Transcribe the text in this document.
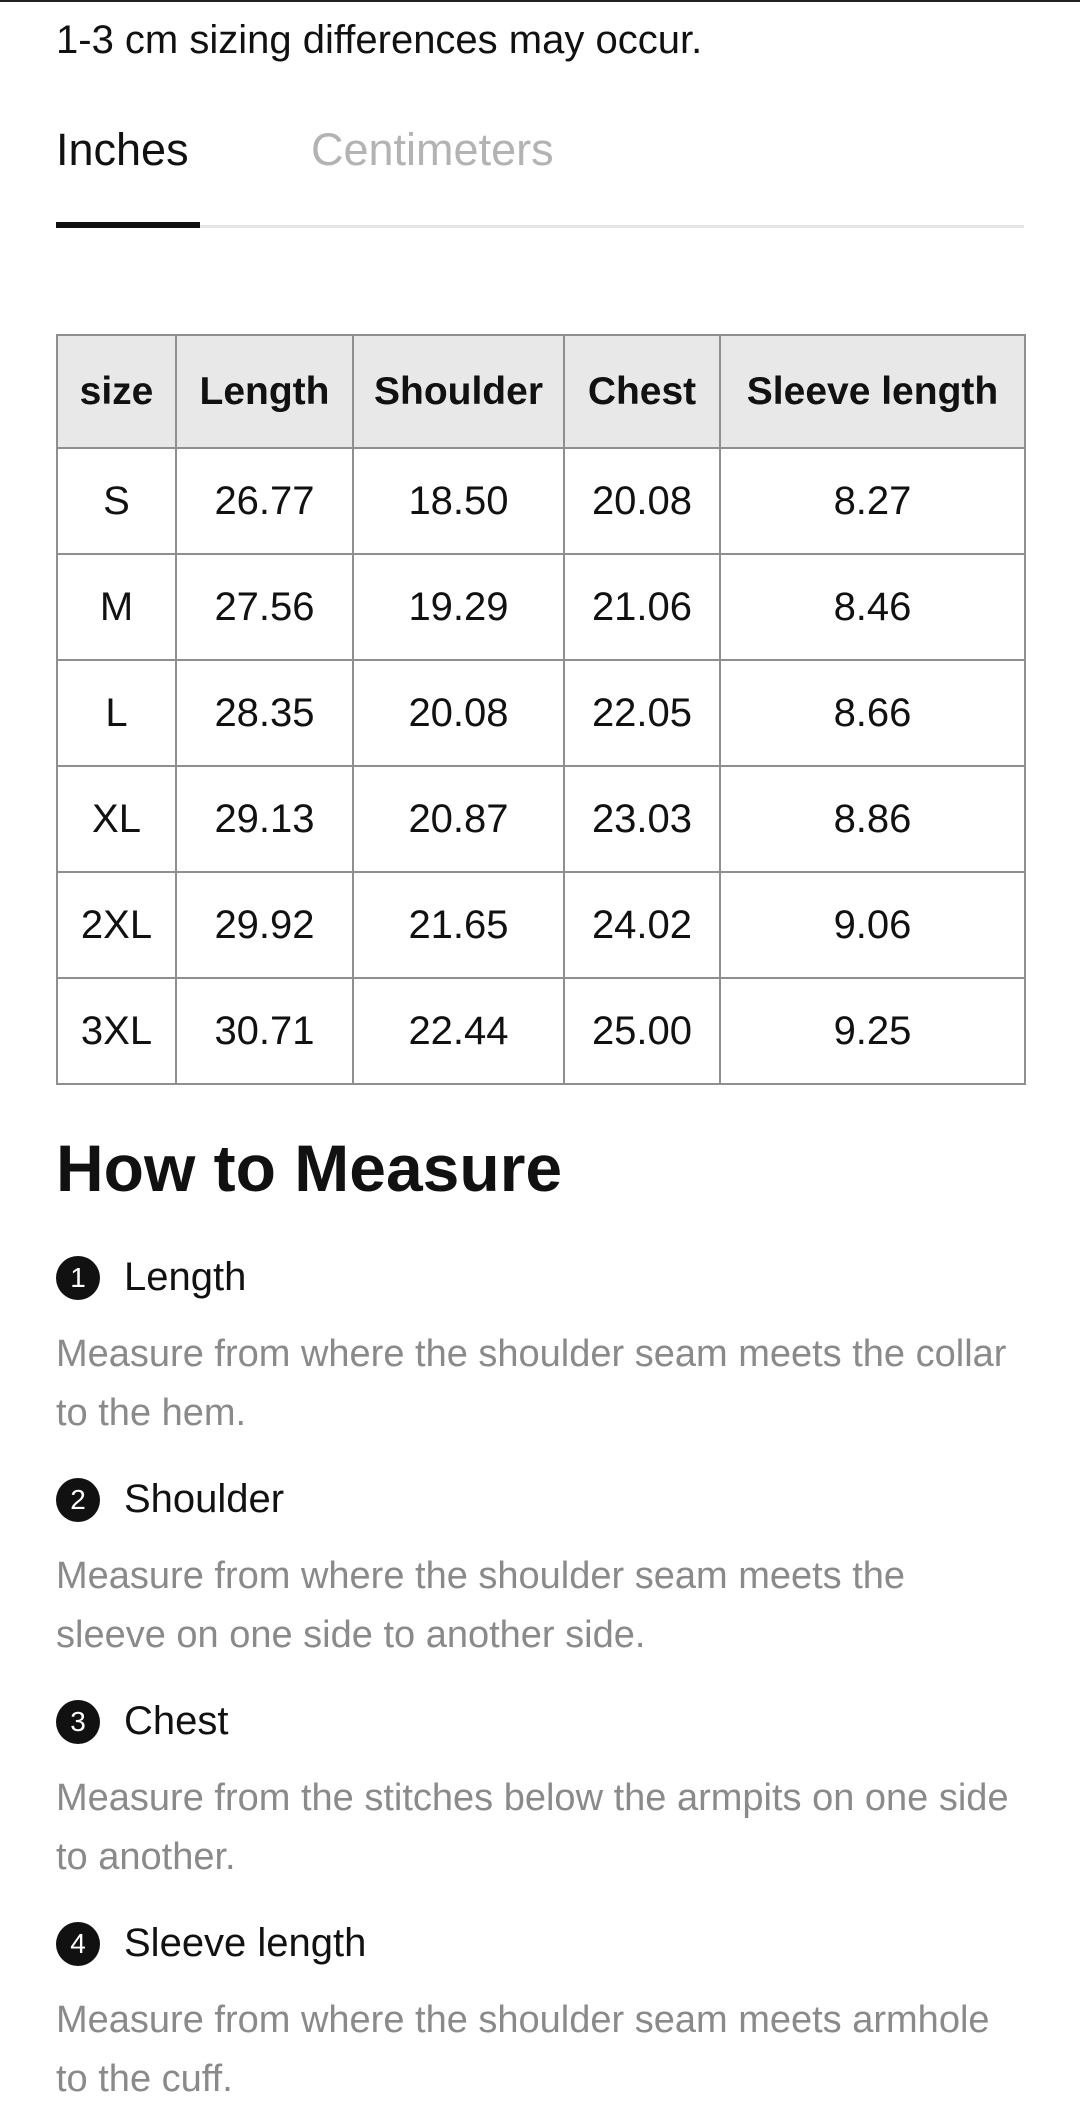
1-3 cm sizing differences may occur.
Inches	Centimeters
size	Length	Shoulder	Chest	Sleeve length
S	26.77	18.50	20.08	8.27
M	27.56	19.29	21.06	8.46
L	28.35	20.08	22.05	8.66
XL	29.13	20.87	23.03	8.86
2XL	29.92	21.65	24.02	9.06
3XL	30.71	22.44	25.00	9.25
How to Measure
1 Length
Measure from where the shoulder seam meets the collar to the hem.
2 Shoulder
Measure from where the shoulder seam meets the sleeve on one side to another side.
3 Chest
Measure from the stitches below the armpits on one side to another.
4 Sleeve length
Measure from where the shoulder seam meets armhole to the cuff.
